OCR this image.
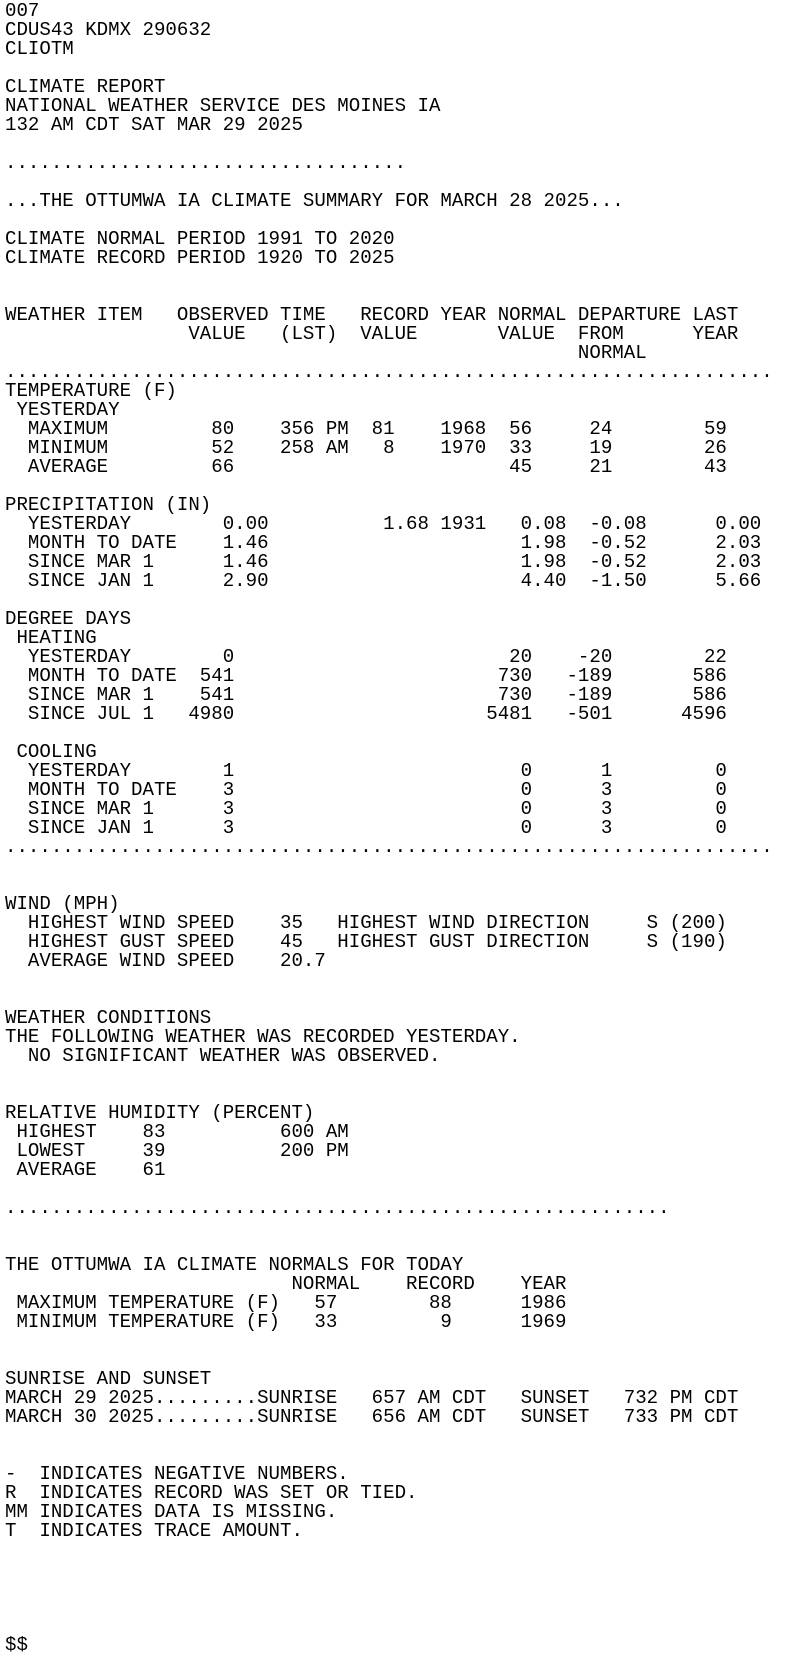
007
CDUS43 KDMX 290632
CLIOTM
CLIMATE REPORT
NATIONAL WEATHER SERVICE DES MOINES IA
132 AM CDT SAT MAR 29 2025
...................................
...THE OTTUMWA IA CLIMATE SUMMARY FOR MARCH 28 2025...
CLIMATE NORMAL PERIOD 1991 TO 2020
CLIMATE RECORD PERIOD 1920 TO 2025
WEATHER ITEM   OBSERVED TIME   RECORD YEAR NORMAL DEPARTURE LAST
VALUE   (LST)  VALUE       VALUE  FROM      YEAR
NORMAL
...................................................................
TEMPERATURE (F)
YESTERDAY
MAXIMUM         80    356 PM  81    1968  56     24        59
MINIMUM         52    258 AM   8    1970  33     19        26
AVERAGE         66                        45     21        43
PRECIPITATION (IN)
YESTERDAY        0.00          1.68 1931   0.08  -0.08      0.00
MONTH TO DATE    1.46                      1.98  -0.52      2.03
SINCE MAR 1      1.46                      1.98  -0.52      2.03
SINCE JAN 1      2.90                      4.40  -1.50      5.66
DEGREE DAYS
HEATING
YESTERDAY        0                        20    -20        22
MONTH TO DATE  541                       730   -189       586
SINCE MAR 1    541                       730   -189       586
SINCE JUL 1   4980                      5481   -501      4596
COOLING
YESTERDAY        1                         0      1         0
MONTH TO DATE    3                         0      3         0
SINCE MAR 1      3                         0      3         0
SINCE JAN 1      3                         0      3         0
...................................................................
WIND (MPH)
HIGHEST WIND SPEED    35   HIGHEST WIND DIRECTION     S (200)
HIGHEST GUST SPEED    45   HIGHEST GUST DIRECTION     S (190)
AVERAGE WIND SPEED    20.7
WEATHER CONDITIONS
THE FOLLOWING WEATHER WAS RECORDED YESTERDAY.
NO SIGNIFICANT WEATHER WAS OBSERVED.
RELATIVE HUMIDITY (PERCENT)
HIGHEST    83          600 AM
LOWEST     39          200 PM
AVERAGE    61
..........................................................
THE OTTUMWA IA CLIMATE NORMALS FOR TODAY
NORMAL    RECORD    YEAR
MAXIMUM TEMPERATURE (F)   57        88      1986
MINIMUM TEMPERATURE (F)   33         9      1969
SUNRISE AND SUNSET
MARCH 29 2025.........SUNRISE   657 AM CDT   SUNSET   732 PM CDT
MARCH 30 2025.........SUNRISE   656 AM CDT   SUNSET   733 PM CDT
-  INDICATES NEGATIVE NUMBERS.
R  INDICATES RECORD WAS SET OR TIED.
MM INDICATES DATA IS MISSING.
T  INDICATES TRACE AMOUNT.
$$
